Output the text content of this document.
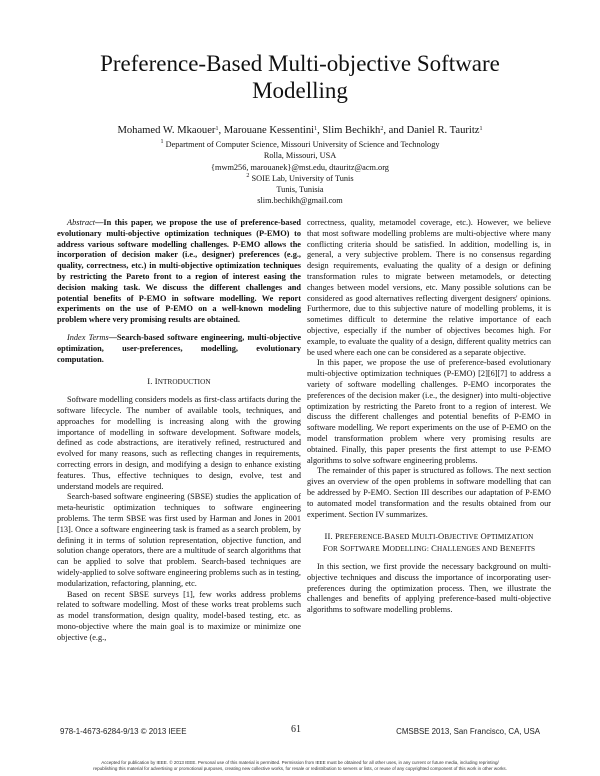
Preference-Based Multi-objective Software
Modelling
Mohamed W. Mkaouer$^1$, Marouane Kessentini$^1$, Slim Bechikh$^2$, and Daniel R. Tauritz$^1$
$^1$ Department of Computer Science, Missouri University of Science and Technology
Rolla, Missouri, USA
{mwm256, marouanek}@mst.edu, dtauritz@acm.org
$^2$ SOIE Lab, University of Tunis
Tunis, Tunisia
slim.bechikh@gmail.com

Abstract—In this paper, we propose the use of preference-based evolutionary multi-objective optimization techniques (P-EMO) to address various software modelling challenges. P-EMO allows the incorporation of decision maker (i.e., designer) preferences (e.g., quality, correctness, etc.) in multi-objective optimization techniques by restricting the Pareto front to a region of interest easing the decision making task. We discuss the different challenges and potential benefits of P-EMO in software modelling. We report experiments on the use of P-EMO on a well-known modeling problem where very promising results are obtained.

Index Terms—Search-based software engineering, multi-objective optimization, user-preferences, modelling, evolutionary computation.

I. INTRODUCTION

Software modelling considers models as first-class artifacts during the software lifecycle. The number of available tools, techniques, and approaches for modelling is increasing along with the growing importance of modelling in software development. Software models, defined as code abstractions, are iteratively refined, restructured and evolved for many reasons, such as reflecting changes in requirements, correcting errors in design, and modifying a design to enhance existing features. Thus, effective techniques to design, evolve, test and understand models are required.

Search-based software engineering (SBSE) studies the application of meta-heuristic optimization techniques to software engineering problems. The term SBSE was first used by Harman and Jones in 2001 [13]. Once a software engineering task is framed as a search problem, by defining it in terms of solution representation, objective function, and solution change operators, there are a multitude of search algorithms that can be applied to solve that problem. Search-based techniques are widely-applied to solve software engineering problems such as in testing, modularization, refactoring, planning, etc.

Based on recent SBSE surveys [1], few works address problems related to software modelling. Most of these works treat problems such as model transformation, design quality, model-based testing, etc. as mono-objective where the main goal is to maximize or minimize one objective (e.g.,

correctness, quality, metamodel coverage, etc.). However, we believe that most software modelling problems are multi-objective where many conflicting criteria should be satisfied. In addition, modelling is, in general, a very subjective problem. There is no consensus regarding design requirements, evaluating the quality of a design or defining transformation rules to migrate between metamodels, or detecting changes between model versions, etc. Many possible solutions can be considered as good alternatives reflecting divergent designers' opinions. Furthermore, due to this subjective nature of modelling problems, it is sometimes difficult to determine the relative importance of each objective, especially if the number of objectives becomes high. For example, to evaluate the quality of a design, different quality metrics can be used where each one can be considered as a separate objective.

In this paper, we propose the use of preference-based evolutionary multi-objective optimization techniques (P-EMO) [2][6][7] to address a variety of software modelling challenges. P-EMO incorporates the preferences of the decision maker (i.e., the designer) into multi-objective optimization by restricting the Pareto front to a region of interest. We discuss the different challenges and potential benefits of P-EMO in software modelling. We report experiments on the use of P-EMO on the model transformation problem where very promising results are obtained. Finally, this paper presents the first attempt to use P-EMO algorithms to solve software engineering problems.

The remainder of this paper is structured as follows. The next section gives an overview of the open problems in software modelling that can be addressed by P-EMO. Section III describes our adaptation of P-EMO to automated model transformation and the results obtained from our experiment. Section IV summarizes.

II. PREFERENCE-BASED MULTI-OBJECTIVE OPTIMIZATION
FOR SOFTWARE MODELLING: CHALLENGES AND BENEFITS

In this section, we first provide the necessary background on multi-objective techniques and discuss the importance of incorporating user-preferences during the optimization process. Then, we illustrate the challenges and benefits of applying preference-based multi-objective algorithms to software modelling problems.

978-1-4673-6284-9/13 © 2013 IEEE	61	CMSBSE 2013, San Francisco, CA, USA
Accepted for publication by IEEE. © 2013 IEEE. Personal use of this material is permitted. Permission from IEEE must be obtained for all other uses, in any current or future media, including reprinting/
republishing this material for advertising or promotional purposes, creating new collective works, for resale or redistribution to servers or lists, or reuse of any copyrighted component of this work in other works.
